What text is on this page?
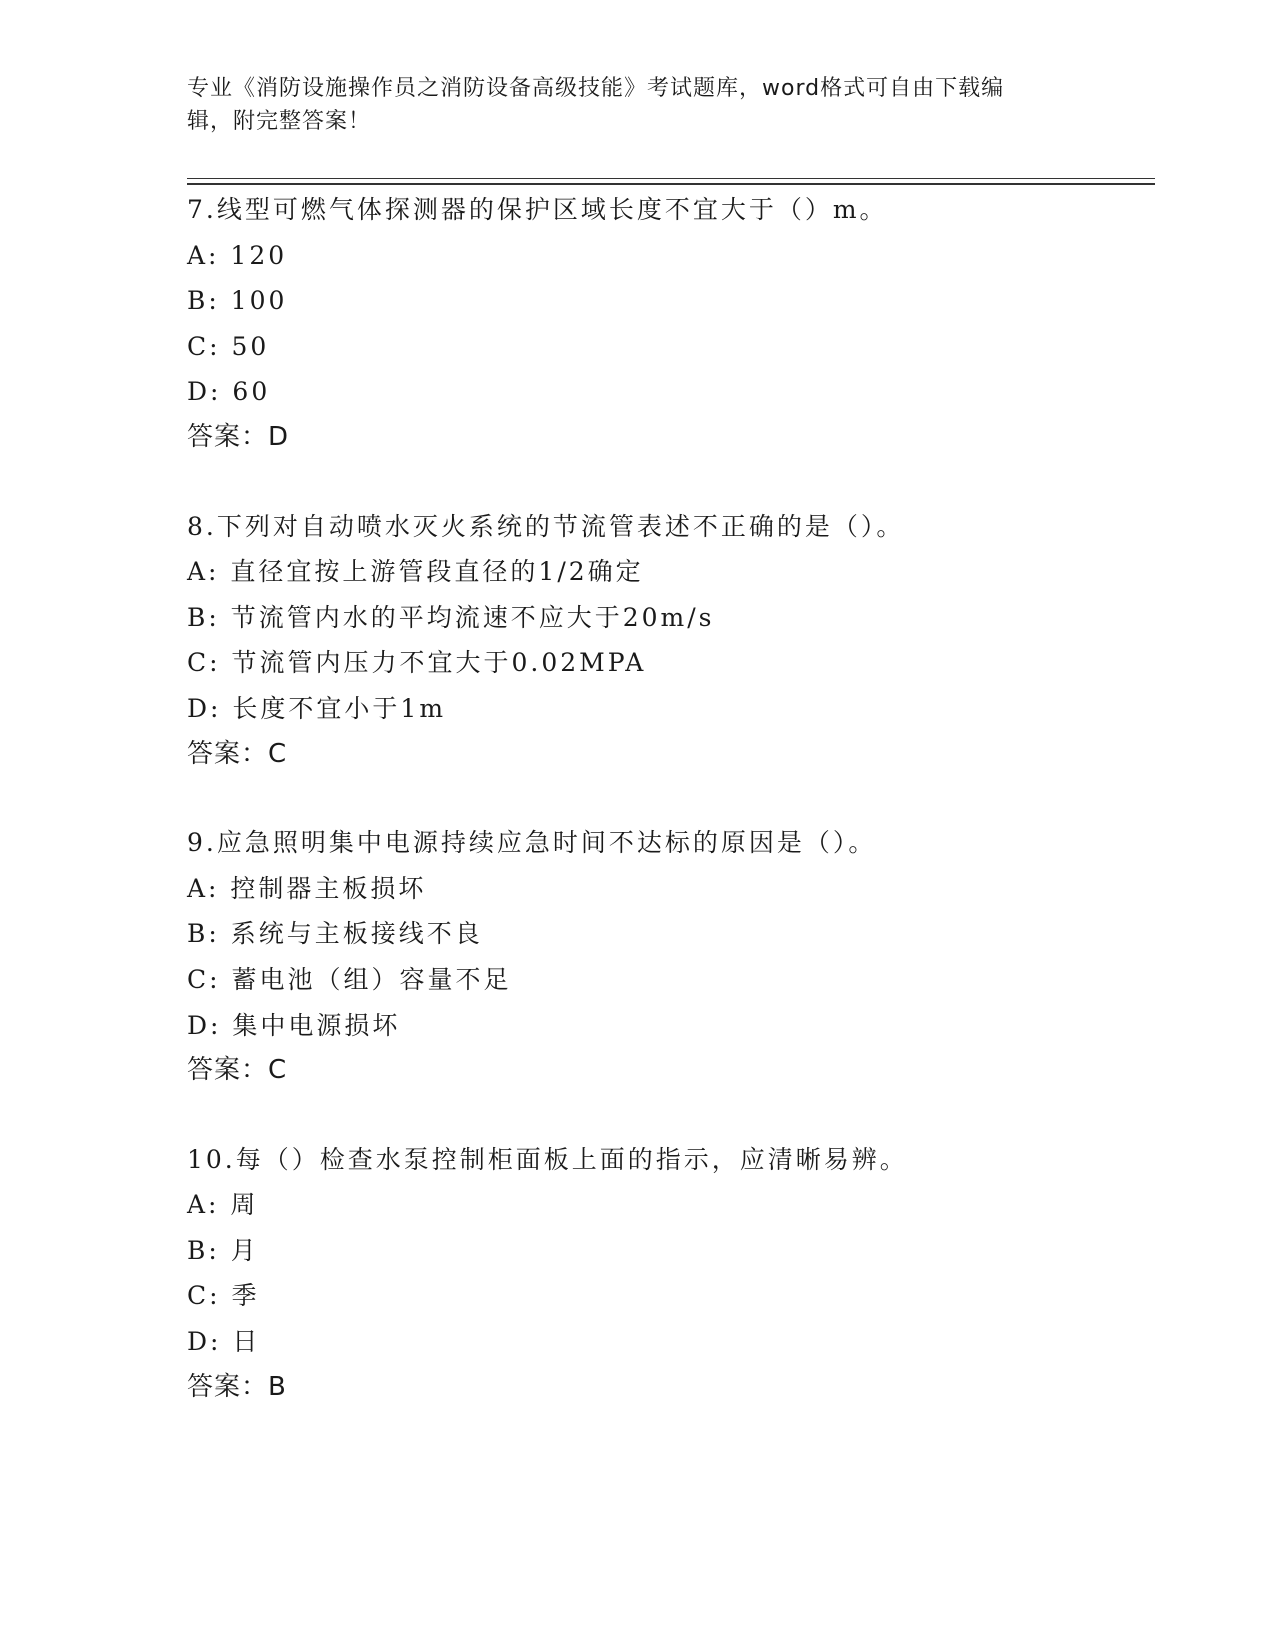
专业《消防设施操作员之消防设备高级技能》考试题库，word格式可自由下载编
辑，附完整答案！
7.线型可燃气体探测器的保护区域长度不宜大于（）m。
A: 120
B: 100
C: 50
D: 60
答案：D
8.下列对自动喷水灭火系统的节流管表述不正确的是（）。
A: 直径宜按上游管段直径的1/2确定
B: 节流管内水的平均流速不应大于20m/s
C: 节流管内压力不宜大于0.02MPA
D: 长度不宜小于1m
答案：C
9.应急照明集中电源持续应急时间不达标的原因是（）。
A: 控制器主板损坏
B: 系统与主板接线不良
C: 蓄电池（组）容量不足
D: 集中电源损坏
答案：C
10.每（）检查水泵控制柜面板上面的指示，应清晰易辨。
A: 周
B: 月
C: 季
D: 日
答案：B
